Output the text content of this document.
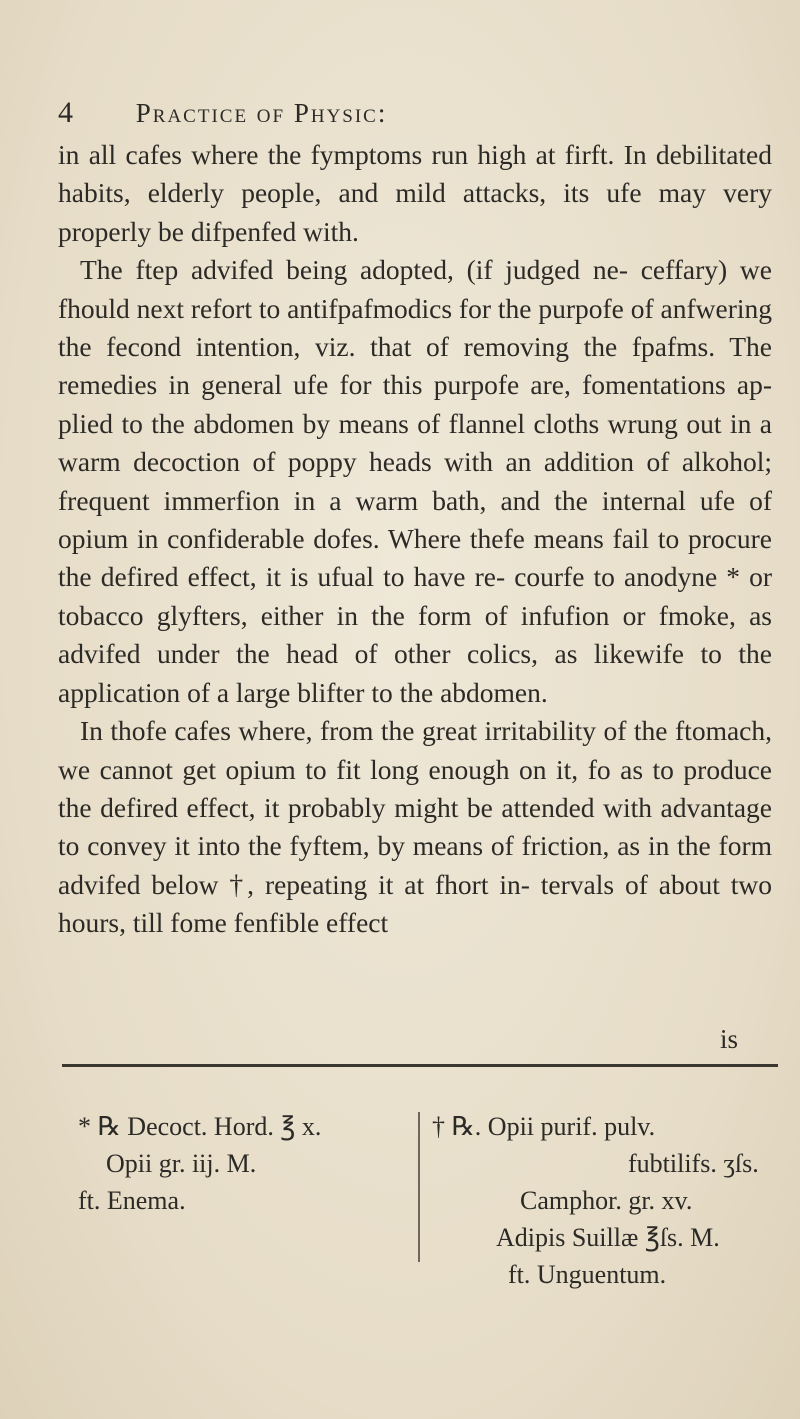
4 Practice of Physic:

in all cafes where the fymptoms run high at firft. In debilitated habits, elderly people, and mild attacks, its ufe may very properly be difpenfed with.

The ftep advifed being adopted, (if judged ne- ceffary) we fhould next refort to antifpafmodics for the purpofe of anfwering the fecond intention, viz. that of removing the fpafms. The remedies in general ufe for this purpofe are, fomentations ap- plied to the abdomen by means of flannel cloths wrung out in a warm decoction of poppy heads with an addition of alkohol; frequent immerfion in a warm bath, and the internal ufe of opium in confiderable dofes. Where thefe means fail to procure the defired effect, it is ufual to have re- courfe to anodyne * or tobacco glyfters, either in the form of infufion or fmoke, as advifed under the head of other colics, as likewife to the application of a large blifter to the abdomen.

In thofe cafes where, from the great irritability of the ftomach, we cannot get opium to fit long enough on it, fo as to produce the defired effect, it probably might be attended with advantage to convey it into the fyftem, by means of friction, as in the form advifed below †, repeating it at fhort in- tervals of about two hours, till fome fenfible effect

is
* ℞ Decoct. Hord. ℥ x.
Opii gr. iij. M.
ft. Enema.
† ℞. Opii purif. pulv.
fubtilifs. ʒſs.
Camphor. gr. xv.
Adipis Suillæ ℥ſs. M.
ft. Unguentum.
